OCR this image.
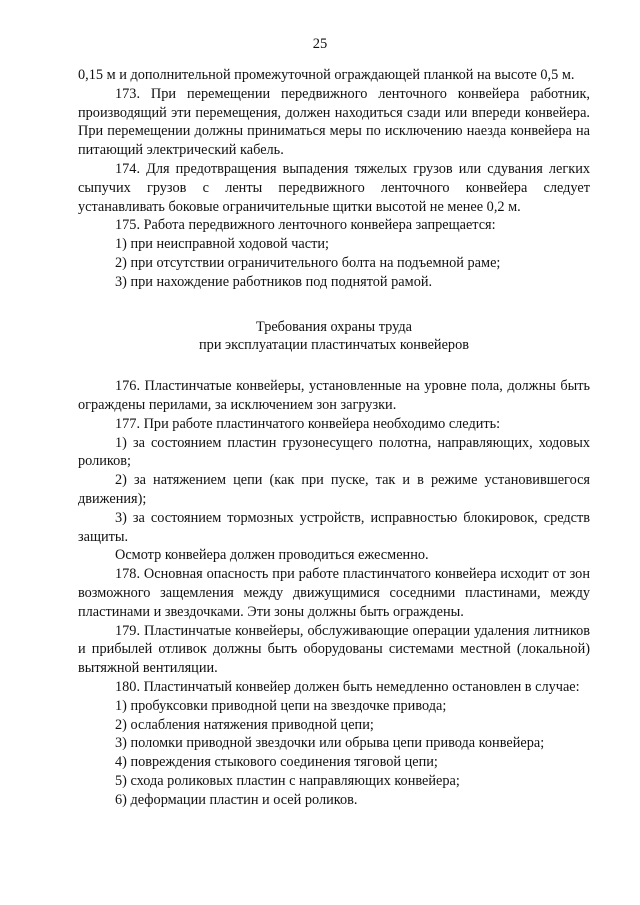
25

0,15 м и дополнительной промежуточной ограждающей планкой на высоте 0,5 м.

173. При перемещении передвижного ленточного конвейера работник, производящий эти перемещения, должен находиться сзади или впереди конвейера. При перемещении должны приниматься меры по исключению наезда конвейера на питающий электрический кабель.

174. Для предотвращения выпадения тяжелых грузов или сдувания легких сыпучих грузов с ленты передвижного ленточного конвейера следует устанавливать боковые ограничительные щитки высотой не менее 0,2 м.

175. Работа передвижного ленточного конвейера запрещается:

1) при неисправной ходовой части;

2) при отсутствии ограничительного болта на подъемной раме;

3) при нахождение работников под поднятой рамой.

Требования охраны труда
при эксплуатации пластинчатых конвейеров

176. Пластинчатые конвейеры, установленные на уровне пола, должны быть ограждены перилами, за исключением зон загрузки.

177. При работе пластинчатого конвейера необходимо следить:

1) за состоянием пластин грузонесущего полотна, направляющих, ходовых роликов;

2) за натяжением цепи (как при пуске, так и в режиме установившегося движения);

3) за состоянием тормозных устройств, исправностью блокировок, средств защиты.

Осмотр конвейера должен проводиться ежесменно.

178. Основная опасность при работе пластинчатого конвейера исходит от зон возможного защемления между движущимися соседними пластинами, между пластинами и звездочками. Эти зоны должны быть ограждены.

179. Пластинчатые конвейеры, обслуживающие операции удаления литников и прибылей отливок должны быть оборудованы системами местной (локальной) вытяжной вентиляции.

180. Пластинчатый конвейер должен быть немедленно остановлен в случае:

1) пробуксовки приводной цепи на звездочке привода;

2) ослабления натяжения приводной цепи;

3) поломки приводной звездочки или обрыва цепи привода конвейера;

4) повреждения стыкового соединения тяговой цепи;

5) схода роликовых пластин с направляющих конвейера;

6) деформации пластин и осей роликов.
